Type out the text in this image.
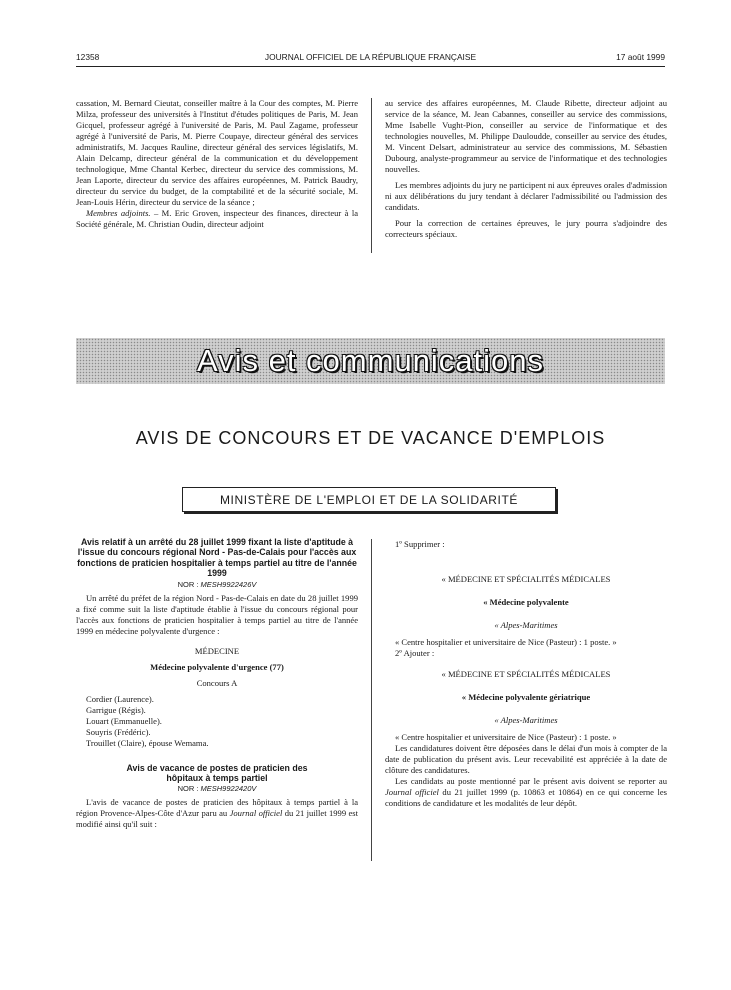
12358	JOURNAL OFFICIEL DE LA RÉPUBLIQUE FRANÇAISE	17 août 1999

cassation, M. Bernard Cieutat, conseiller maître à la Cour des comptes, M. Pierre Milza, professeur des universités à l'Institut d'études politiques de Paris, M. Jean Gicquel, professeur agrégé à l'université de Paris, M. Paul Zagame, professeur agrégé à l'université de Paris, M. Pierre Coupaye, directeur général des services administratifs, M. Jacques Rauline, directeur général des services législatifs, M. Alain Delcamp, directeur général de la communication et du développement technologique, Mme Chantal Kerbec, directeur du service des commissions, M. Jean Laporte, directeur du service des affaires européennes, M. Patrick Baudry, directeur du service du budget, de la comptabilité et de la sécurité sociale, M. Jean-Louis Hérin, directeur du service de la séance ;

Membres adjoints. – M. Eric Groven, inspecteur des finances, directeur à la Société générale, M. Christian Oudin, directeur adjoint

au service des affaires européennes, M. Claude Ribette, directeur adjoint au service de la séance, M. Jean Cabannes, conseiller au service des commissions, Mme Isabelle Vught-Pion, conseiller au service de l'informatique et des technologies nouvelles, M. Philippe Dauloudde, conseiller au service des études, M. Vincent Delsart, administrateur au service des commissions, M. Sébastien Dubourg, analyste-programmeur au service de l'informatique et des technologies nouvelles.

Les membres adjoints du jury ne participent ni aux épreuves orales d'admission ni aux délibérations du jury tendant à déclarer l'admissibilité ou l'admission des candidats.

Pour la correction de certaines épreuves, le jury pourra s'adjoindre des correcteurs spéciaux.

Avis et communications
AVIS DE CONCOURS ET DE VACANCE D'EMPLOIS
MINISTÈRE DE L'EMPLOI ET DE LA SOLIDARITÉ
Avis relatif à un arrêté du 28 juillet 1999 fixant la liste d'aptitude à l'issue du concours régional Nord - Pas-de-Calais pour l'accès aux fonctions de praticien hospitalier à temps partiel au titre de l'année 1999
NOR : MESH9922426V

Un arrêté du préfet de la région Nord - Pas-de-Calais en date du 28 juillet 1999 a fixé comme suit la liste d'aptitude établie à l'issue du concours régional pour l'accès aux fonctions de praticien hospitalier à temps partiel au titre de l'année 1999 en médecine polyvalente d'urgence :

MÉDECINE

Médecine polyvalente d'urgence (77)

Concours A

Cordier (Laurence).

Garrigue (Régis).

Louart (Emmanuelle).

Souyris (Frédéric).

Trouillet (Claire), épouse Wemama.

Avis de vacance de postes de praticien des hôpitaux à temps partiel
NOR : MESH9922420V

L'avis de vacance de postes de praticien des hôpitaux à temps partiel à la région Provence-Alpes-Côte d'Azur paru au Journal officiel du 21 juillet 1999 est modifié ainsi qu'il suit :

1º Supprimer :

« MÉDECINE ET SPÉCIALITÉS MÉDICALES

« Médecine polyvalente

« Alpes-Maritimes

« Centre hospitalier et universitaire de Nice (Pasteur) : 1 poste. »

2º Ajouter :

« MÉDECINE ET SPÉCIALITÉS MÉDICALES

« Médecine polyvalente gériatrique

« Alpes-Maritimes

« Centre hospitalier et universitaire de Nice (Pasteur) : 1 poste. »

Les candidatures doivent être déposées dans le délai d'un mois à compter de la date de publication du présent avis. Leur recevabilité est appréciée à la date de clôture des candidatures.

Les candidats au poste mentionné par le présent avis doivent se reporter au Journal officiel du 21 juillet 1999 (p. 10863 et 10864) en ce qui concerne les conditions de candidature et les modalités de leur dépôt.
